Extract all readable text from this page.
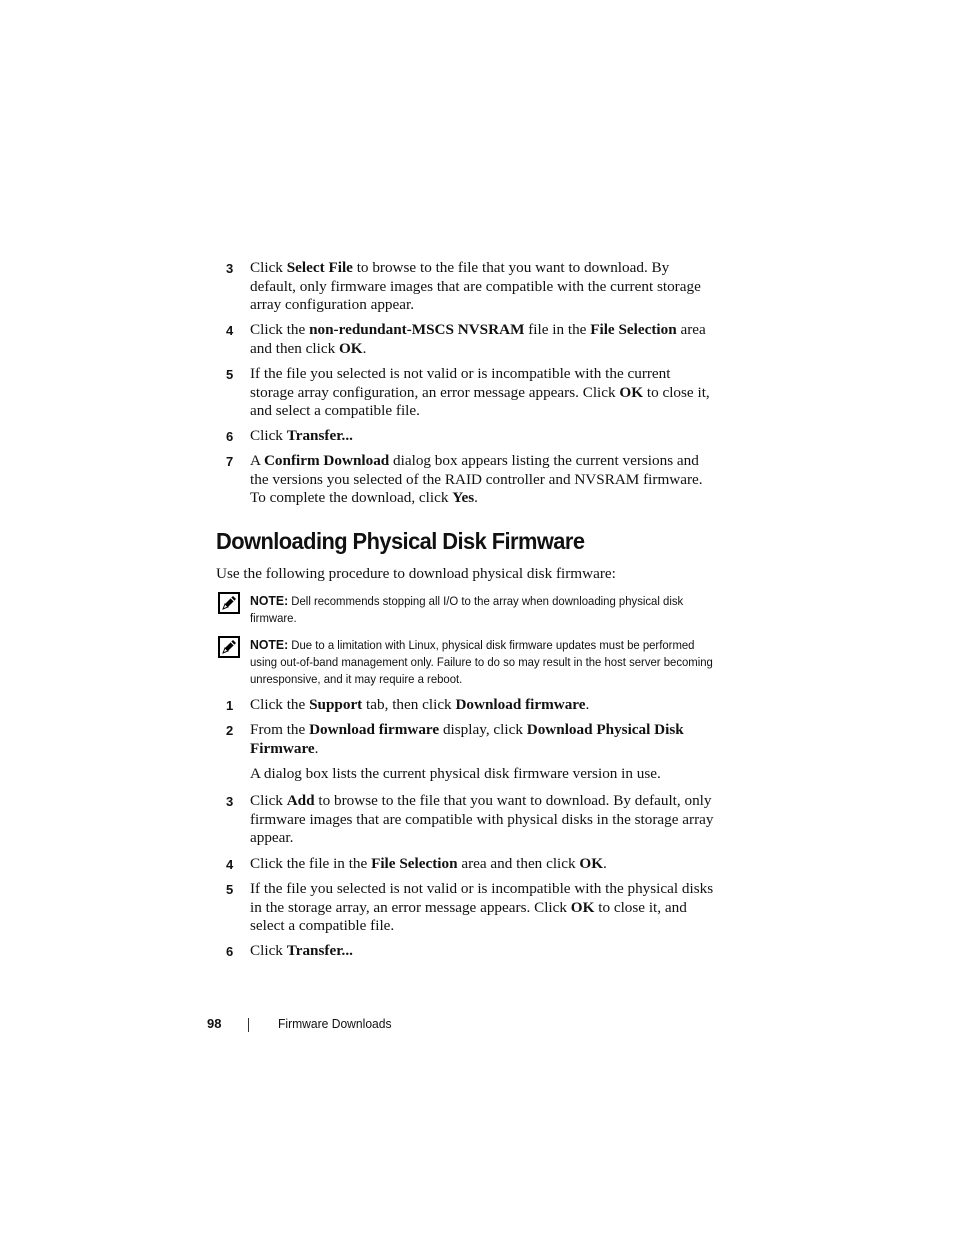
3 Click Select File to browse to the file that you want to download. By default, only firmware images that are compatible with the current storage array configuration appear.
4 Click the non-redundant-MSCS NVSRAM file in the File Selection area and then click OK.
5 If the file you selected is not valid or is incompatible with the current storage array configuration, an error message appears. Click OK to close it, and select a compatible file.
6 Click Transfer...
7 A Confirm Download dialog box appears listing the current versions and the versions you selected of the RAID controller and NVSRAM firmware. To complete the download, click Yes.
Downloading Physical Disk Firmware
Use the following procedure to download physical disk firmware:
NOTE: Dell recommends stopping all I/O to the array when downloading physical disk firmware.
NOTE: Due to a limitation with Linux, physical disk firmware updates must be performed using out-of-band management only. Failure to do so may result in the host server becoming unresponsive, and it may require a reboot.
1 Click the Support tab, then click Download firmware.
2 From the Download firmware display, click Download Physical Disk Firmware.
A dialog box lists the current physical disk firmware version in use.
3 Click Add to browse to the file that you want to download. By default, only firmware images that are compatible with physical disks in the storage array appear.
4 Click the file in the File Selection area and then click OK.
5 If the file you selected is not valid or is incompatible with the physical disks in the storage array, an error message appears. Click OK to close it, and select a compatible file.
6 Click Transfer...
98	Firmware Downloads
